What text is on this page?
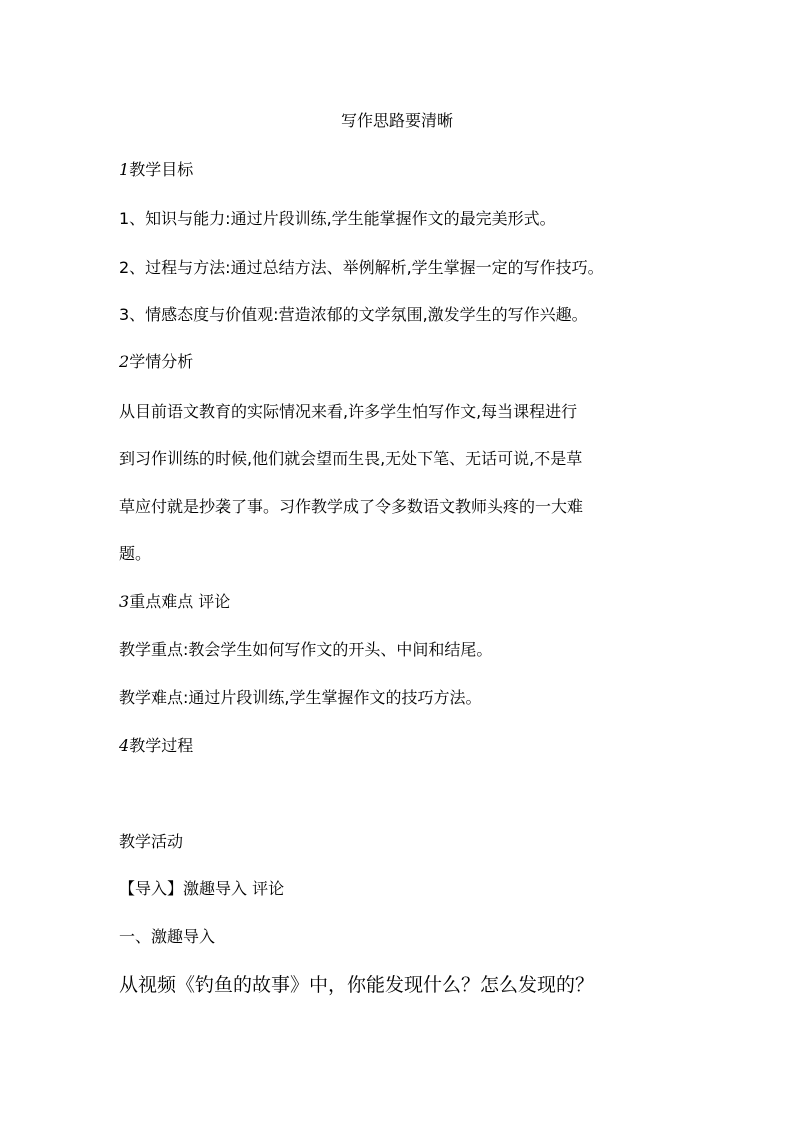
写作思路要清晰
1教学目标
1、知识与能力:通过片段训练,学生能掌握作文的最完美形式。
2、过程与方法:通过总结方法、举例解析,学生掌握一定的写作技巧。
3、情感态度与价值观:营造浓郁的文学氛围,激发学生的写作兴趣。
2学情分析
从目前语文教育的实际情况来看,许多学生怕写作文,每当课程进行
到习作训练的时候,他们就会望而生畏,无处下笔、无话可说,不是草
草应付就是抄袭了事。习作教学成了令多数语文教师头疼的一大难
题。
3重点难点 评论
教学重点:教会学生如何写作文的开头、中间和结尾。
教学难点:通过片段训练,学生掌握作文的技巧方法。
4教学过程
教学活动
【导入】激趣导入 评论
一、激趣导入
从视频《钓鱼的故事》中，你能发现什么？怎么发现的？
